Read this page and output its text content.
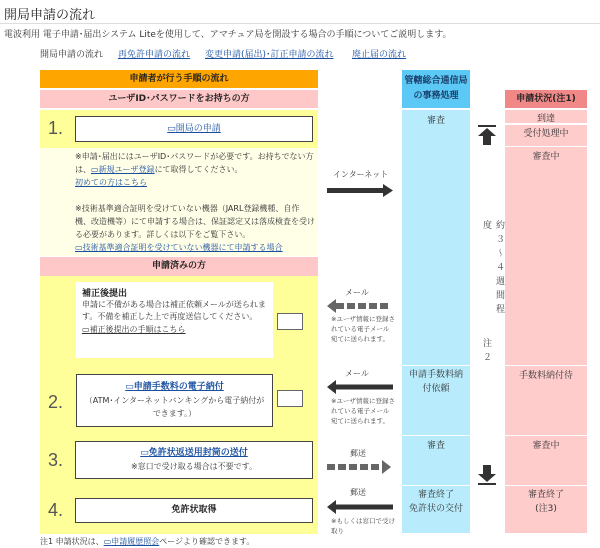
開局申請の流れ
電波利用 電子申請･届出システム Liteを使用して、アマチュア局を開設する場合の手順についてご説明します。
開局申請の流れ 再免許申請の流れ 変更申請(届出)･訂正申請の流れ 廃止届の流れ
申請者が行う手順の流れ
ユーザID･パスワードをお持ちの方
1.	▭開局の申請
※申請･届出にはユーザID･パスワードが必要です。お持ちでない方は、▭新規ユーザ登録にて取得してください。
初めての方はこちら
※技術基準適合証明を受けていない機器（JARL登録機種、自作機、改造機等）にて申請する場合は、保証認定又は落成検査を受ける必要があります。詳しくは以下をご覧下さい。
▭技術基準適合証明を受けていない機器にて申請する場合
申請済みの方
補正後提出
申請に不備がある場合は補正依頼メールが送られます。不備を補正した上で再度送信してください。
▭補正後提出の手順はこちら
2.
▭申請手数料の電子納付
（ATM･インターネットバンキングから電子納付ができます。）
3.	▭免許状返送用封筒の送付
※窓口で受け取る場合は不要です。
4.	免許状取得
注1 申請状況は、▭申請履歴照会ページより確認できます。
インターネット
メール
※ユーザ情報に登録されている電子メール宛てに送られます。
メール
※ユーザ情報に登録されている電子メール宛てに送られます。
郵送
郵送
※もしくは窓口で受け取り
管轄総合通信局の事務処理
審査
申請手数料納付依頼
審査
審査終了
免許状の交付
約３〜４週間程度
注２
申請状況(注1)
到達
受付処理中
審査中
手数料納付待
審査中
審査終了
(注3)
